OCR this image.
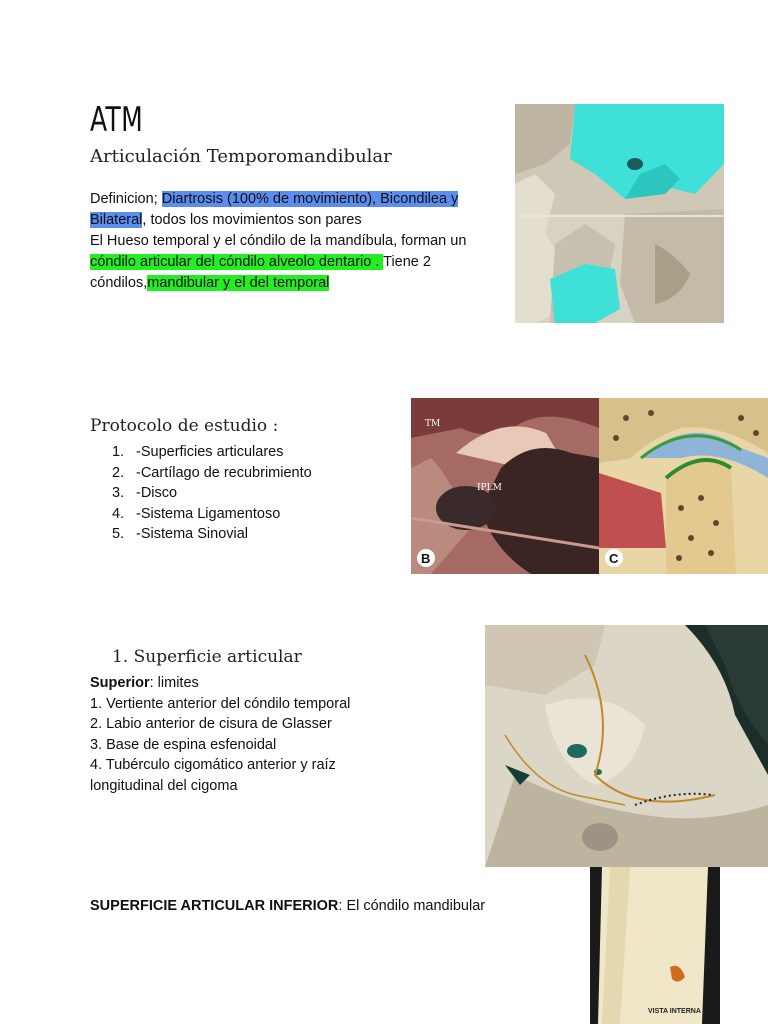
ATM
Articulación Temporomandibular
Definicion; Diartrosis (100% de movimiento), Bicondilea y
Bilateral, todos los movimientos son pares
El Hueso temporal y el cóndilo de la mandíbula, forman un
cóndilo articular del cóndilo alveolo dentario . Tiene 2
cóndilos,mandibular y el del temporal
Protocolo de estudio :
1. -Superficies articulares
2. -Cartílago de recubrimiento
3. -Disco
4. -Sistema Ligamentoso
5. -Sistema Sinovial
TM
IPLM
B	C
1. Superficie articular
Superior: limites
1. Vertiente anterior del cóndilo temporal
2. Labio anterior de cisura de Glasser
3. Base de espina esfenoidal
4. Tubérculo cigomático anterior y raíz
longitudinal del cigoma
SUPERFICIE ARTICULAR INFERIOR: El cóndilo mandibular
VISTA INTERNA
